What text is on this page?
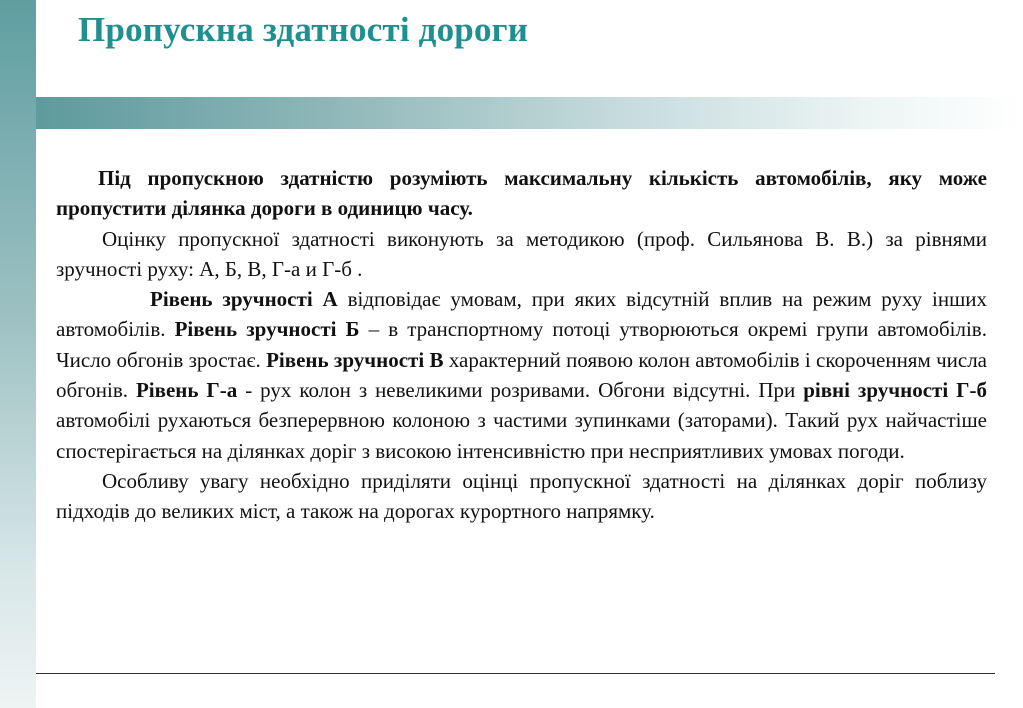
Пропускна здатності дороги

Під пропускною здатністю розуміють максимальну кількість автомобілів, яку може пропустити ділянка дороги в одиницю часу.

Оцінку пропускної здатності виконують за методикою (проф. Сильянова В. В.) за рівнями зручності руху: А, Б, В, Г-а и Г-б .

Рівень зручності А відповідає умовам, при яких відсутній вплив на режим руху інших автомобілів. Рівень зручності Б – в транспортному потоці утворюються окремі групи автомобілів. Число обгонів зростає. Рівень зручності В характерний появою колон автомобілів і скороченням числа обгонів. Рівень Г-а - рух колон з невеликими розривами. Обгони відсутні. При рівні зручності Г-б автомобілі рухаються безперервною колоною з частими зупинками (заторами). Такий рух найчастіше спостерігається на ділянках доріг з високою інтенсивністю при несприятливих умовах погоди.

Особливу увагу необхідно приділяти оцінці пропускної здатності на ділянках доріг поблизу підходів до великих міст, а також на дорогах курортного напрямку.
